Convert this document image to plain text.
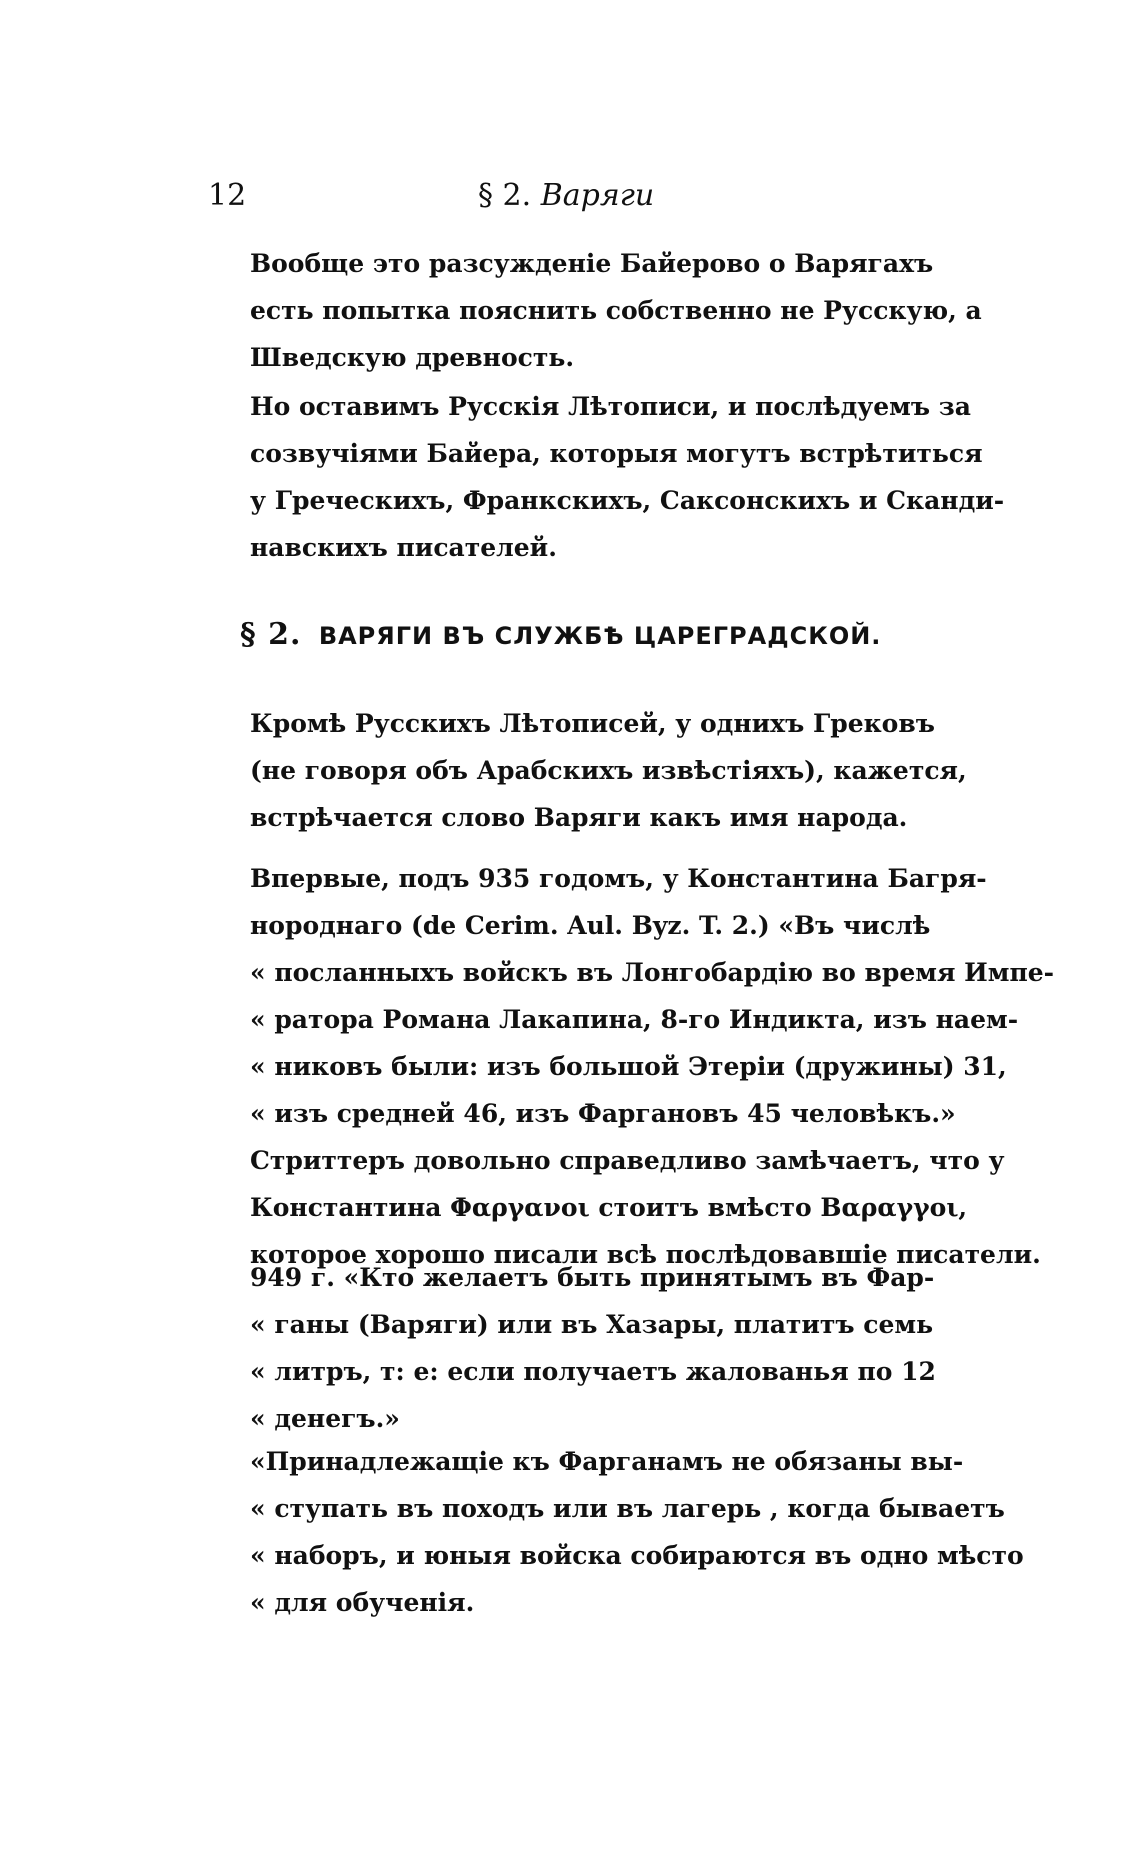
12	§ 2. Варяги
Вообще это разсужденіе Байерово о Варягахъ
есть попытка пояснить собственно не Русскую, а
Шведскую древность.
Но оставимъ Русскія Лѣтописи, и послѣдуемъ за
созвучіями Байера, которыя могутъ встрѣтиться
у Греческихъ, Франкскихъ, Саксонскихъ и Сканди-
навскихъ писателей.
§ 2. ВАРЯГИ ВЪ СЛУЖБѢ ЦАРЕГРАДСКОЙ.
Кромѣ Русскихъ Лѣтописей, у однихъ Грековъ
(не говоря объ Арабскихъ извѣстіяхъ), кажется,
встрѣчается слово Варяги какъ имя народа.
Впервые, подъ 935 годомъ, у Константина Багря-
нороднаго (de Cerim. Aul. Byz. T. 2.) «Въ числѣ
« посланныхъ войскъ въ Лонгобардію во время Импе-
« ратора Романа Лакапина, 8-го Индикта, изъ наем-
« никовъ были: изъ большой Этеріи (дружины) 31,
« изъ средней 46, изъ Фаргановъ 45 человѣкъ.»
Стриттеръ довольно справедливо замѣчаетъ, что у
Константина Φαργανοι стоитъ вмѣсто Βαραγγοι,
которое хорошо писали всѣ послѣдовавшіе писатели.
949 г. «Кто желаетъ быть принятымъ въ Фар-
« ганы (Варяги) или въ Хазары, платитъ семь
« литръ, т: е: если получаетъ жалованья по 12
« денегъ.»
«Принадлежащіе къ Фарганамъ не обязаны вы-
« ступать въ походъ или въ лагерь , когда бываетъ
« наборъ, и юныя войска собираются въ одно мѣсто
« для обученія.
